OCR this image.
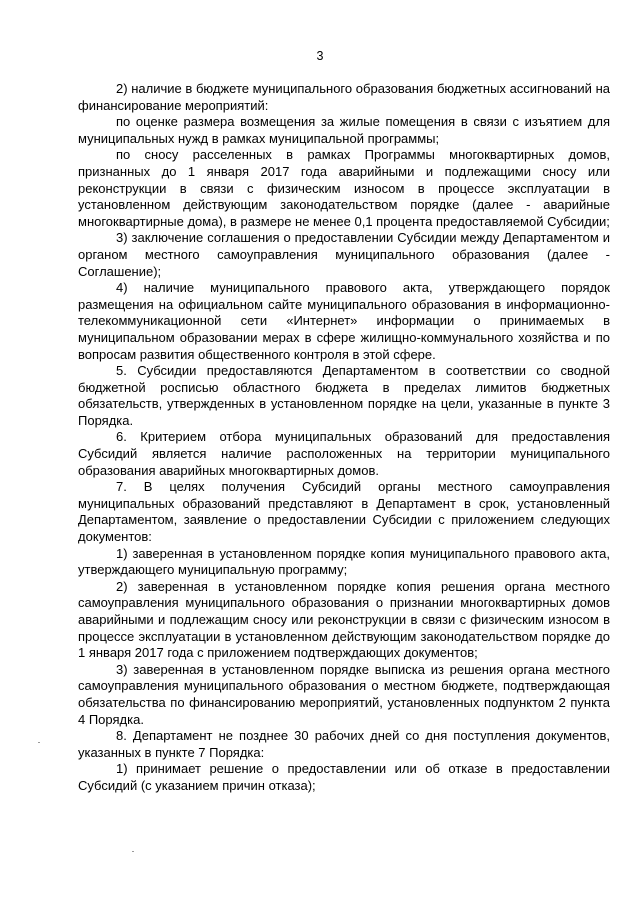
3

2) наличие в бюджете муниципального образования бюджетных ассигнований на финансирование мероприятий:

по оценке размера возмещения за жилые помещения в связи с изъятием для муниципальных нужд в рамках муниципальной программы;

по сносу расселенных в рамках Программы многоквартирных домов, признанных до 1 января 2017 года аварийными и подлежащими сносу или реконструкции в связи с физическим износом в процессе эксплуатации в установленном действующим законодательством порядке (далее - аварийные многоквартирные дома), в размере не менее 0,1 процента предоставляемой Субсидии;

3) заключение соглашения о предоставлении Субсидии между Департаментом и органом местного самоуправления муниципального образования (далее - Соглашение);

4) наличие муниципального правового акта, утверждающего порядок размещения на официальном сайте муниципального образования в информационно-телекоммуникационной сети «Интернет» информации о принимаемых в муниципальном образовании мерах в сфере жилищно-коммунального хозяйства и по вопросам развития общественного контроля в этой сфере.

5. Субсидии предоставляются Департаментом в соответствии со сводной бюджетной росписью областного бюджета в пределах лимитов бюджетных обязательств, утвержденных в установленном порядке на цели, указанные в пункте 3 Порядка.

6. Критерием отбора муниципальных образований для предоставления Субсидий является наличие расположенных на территории муниципального образования аварийных многоквартирных домов.

7. В целях получения Субсидий органы местного самоуправления муниципальных образований представляют в Департамент в срок, установленный Департаментом, заявление о предоставлении Субсидии с приложением следующих документов:

1) заверенная в установленном порядке копия муниципального правового акта, утверждающего муниципальную программу;

2) заверенная в установленном порядке копия решения органа местного самоуправления муниципального образования о признании многоквартирных домов аварийными и подлежащим сносу или реконструкции в связи с физическим износом в процессе эксплуатации в установленном действующим законодательством порядке до 1 января 2017 года с приложением подтверждающих документов;

3) заверенная в установленном порядке выписка из решения органа местного самоуправления муниципального образования о местном бюджете, подтверждающая обязательства по финансированию мероприятий, установленных подпунктом 2 пункта 4 Порядка.

8. Департамент не позднее 30 рабочих дней со дня поступления документов, указанных в пункте 7 Порядка:

1) принимает решение о предоставлении или об отказе в предоставлении Субсидий (с указанием причин отказа);
